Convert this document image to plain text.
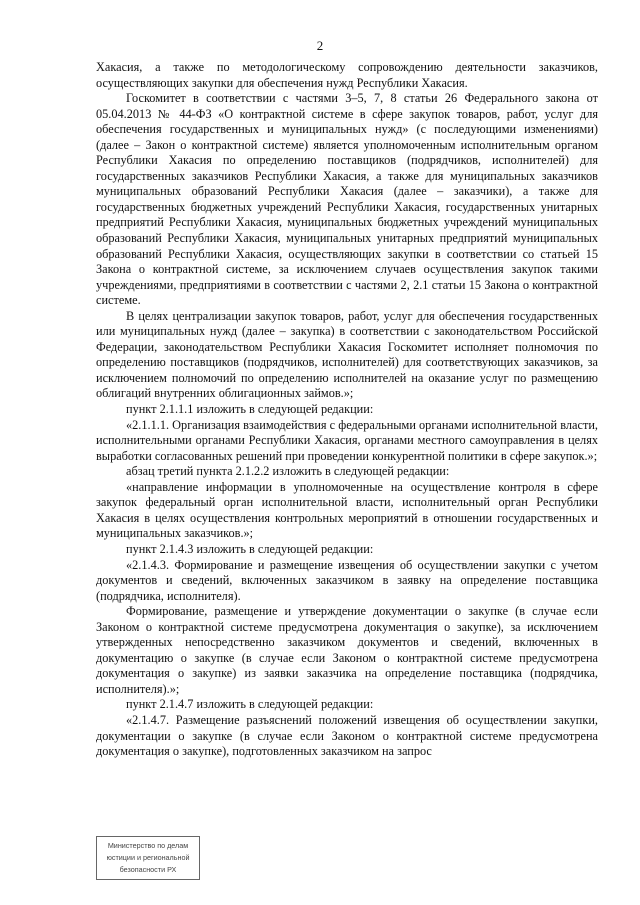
2

Хакасия, а также по методологическому сопровождению деятельности заказчиков, осуществляющих закупки для обеспечения нужд Республики Хакасия.

Госкомитет в соответствии с частями 3–5, 7, 8 статьи 26 Федерального закона от 05.04.2013 № 44-ФЗ «О контрактной системе в сфере закупок товаров, работ, услуг для обеспечения государственных и муниципальных нужд» (с последующими изменениями) (далее – Закон о контрактной системе) является уполномоченным исполнительным органом Республики Хакасия по определению поставщиков (подрядчиков, исполнителей) для государственных заказчиков Республики Хакасия, а также для муниципальных заказчиков муниципальных образований Республики Хакасия (далее – заказчики), а также для государственных бюджетных учреждений Республики Хакасия, государственных унитарных предприятий Республики Хакасия, муниципальных бюджетных учреждений муниципальных образований Республики Хакасия, муниципальных унитарных предприятий муниципальных образований Республики Хакасия, осуществляющих закупки в соответствии со статьей 15 Закона о контрактной системе, за исключением случаев осуществления закупок такими учреждениями, предприятиями в соответствии с частями 2, 2.1 статьи 15 Закона о контрактной системе.

В целях централизации закупок товаров, работ, услуг для обеспечения государственных или муниципальных нужд (далее – закупка) в соответствии с законодательством Российской Федерации, законодательством Республики Хакасия Госкомитет исполняет полномочия по определению поставщиков (подрядчиков, исполнителей) для соответствующих заказчиков, за исключением полномочий по определению исполнителей на оказание услуг по размещению облигаций внутренних облигационных займов.»;

пункт 2.1.1.1 изложить в следующей редакции:

«2.1.1.1. Организация взаимодействия с федеральными органами исполнительной власти, исполнительными органами Республики Хакасия, органами местного самоуправления в целях выработки согласованных решений при проведении конкурентной политики в сфере закупок.»;

абзац третий пункта 2.1.2.2 изложить в следующей редакции:

«направление информации в уполномоченные на осуществление контроля в сфере закупок федеральный орган исполнительной власти, исполнительный орган Республики Хакасия в целях осуществления контрольных мероприятий в отношении государственных и муниципальных заказчиков.»;

пункт 2.1.4.3 изложить в следующей редакции:

«2.1.4.3. Формирование и размещение извещения об осуществлении закупки с учетом документов и сведений, включенных заказчиком в заявку на определение поставщика (подрядчика, исполнителя).

Формирование, размещение и утверждение документации о закупке (в случае если Законом о контрактной системе предусмотрена документация о закупке), за исключением утвержденных непосредственно заказчиком документов и сведений, включенных в документацию о закупке (в случае если Законом о контрактной системе предусмотрена документация о закупке) из заявки заказчика на определение поставщика (подрядчика, исполнителя).»;

пункт 2.1.4.7 изложить в следующей редакции:

«2.1.4.7. Размещение разъяснений положений извещения об осуществлении закупки, документации о закупке (в случае если Законом о контрактной системе предусмотрена документация о закупке), подготовленных заказчиком на запрос

Министерство по делам
юстиции и региональной
безопасности РХ
